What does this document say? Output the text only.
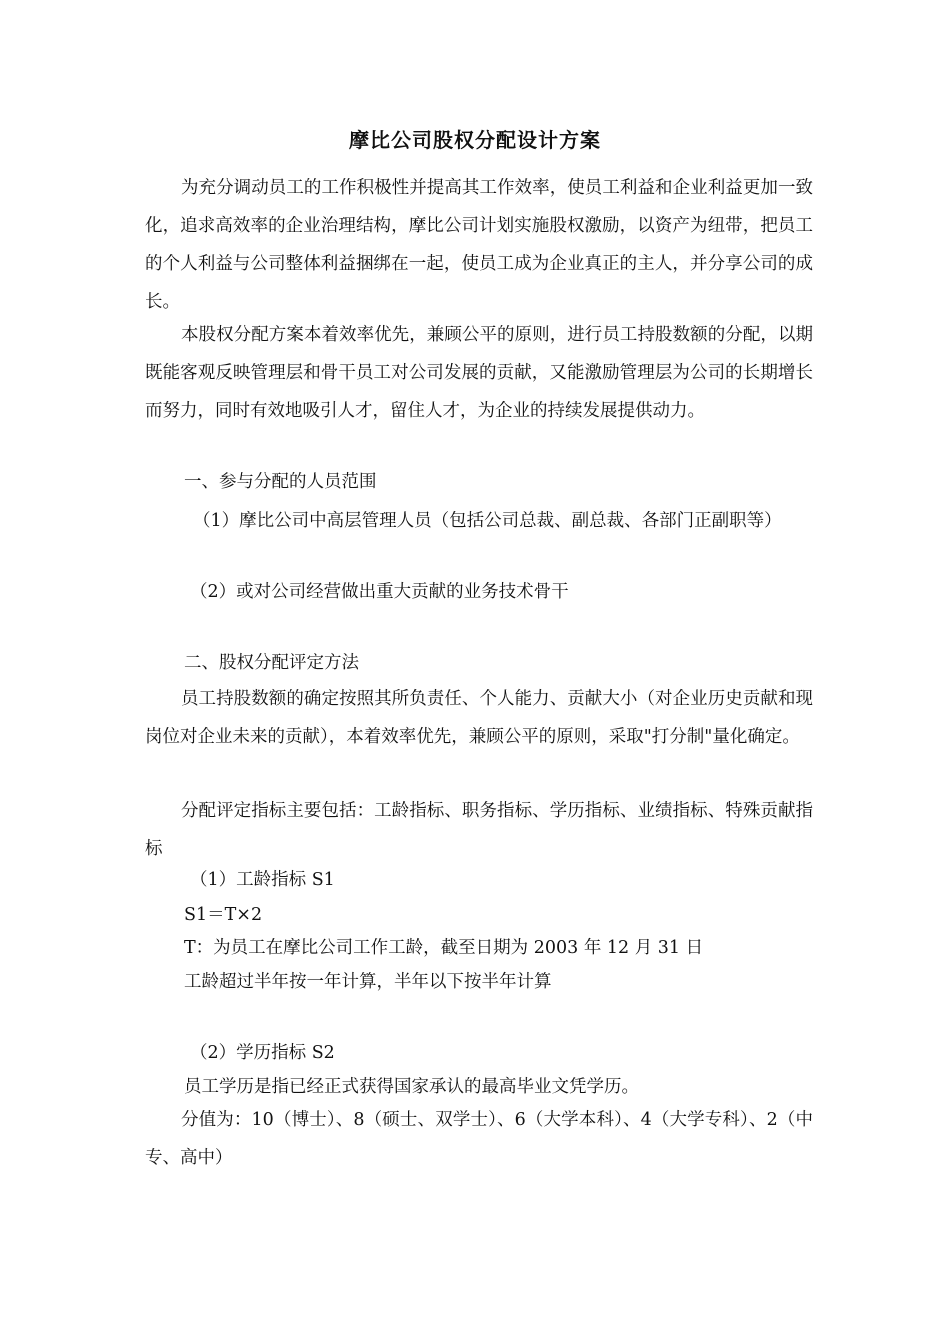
摩比公司股权分配设计方案
为充分调动员工的工作积极性并提高其工作效率，使员工利益和企业利益更加一致化，追求高效率的企业治理结构，摩比公司计划实施股权激励，以资产为纽带，把员工的个人利益与公司整体利益捆绑在一起，使员工成为企业真正的主人，并分享公司的成长。
本股权分配方案本着效率优先，兼顾公平的原则，进行员工持股数额的分配，以期既能客观反映管理层和骨干员工对公司发展的贡献，又能激励管理层为公司的长期增长而努力，同时有效地吸引人才，留住人才，为企业的持续发展提供动力。
一、参与分配的人员范围
（1）摩比公司中高层管理人员（包括公司总裁、副总裁、各部门正副职等）
（2）或对公司经营做出重大贡献的业务技术骨干
二、股权分配评定方法
员工持股数额的确定按照其所负责任、个人能力、贡献大小（对企业历史贡献和现岗位对企业未来的贡献），本着效率优先，兼顾公平的原则，采取"打分制"量化确定。
分配评定指标主要包括：工龄指标、职务指标、学历指标、业绩指标、特殊贡献指标
（1）工龄指标 S1
S1＝T×2
T：为员工在摩比公司工作工龄，截至日期为 2003 年 12 月 31 日
工龄超过半年按一年计算，半年以下按半年计算
（2）学历指标 S2
员工学历是指已经正式获得国家承认的最高毕业文凭学历。
分值为：10（博士）、8（硕士、双学士）、6（大学本科）、4（大学专科）、2（中专、高中）
